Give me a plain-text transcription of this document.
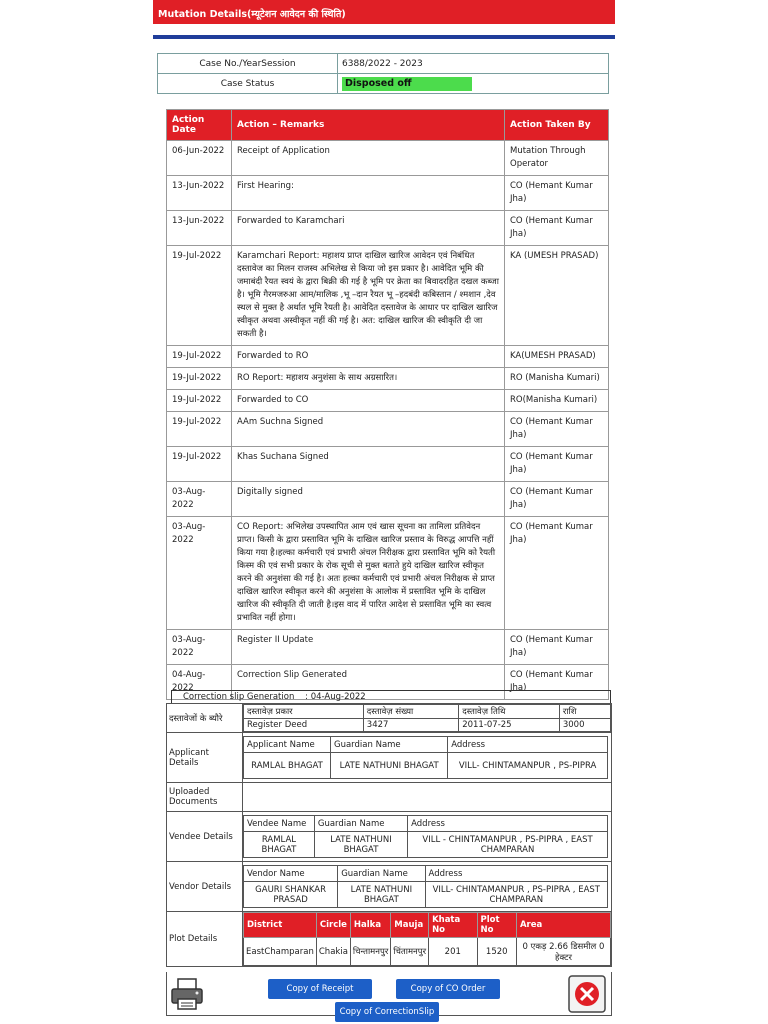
Mutation Details(म्यूटेशन आवेदन की स्थिति)
Case No./YearSession	6388/2022 - 2023
Case Status	Disposed off
Action Date	Action – Remarks	Action Taken By
06-Jun-2022	Receipt of Application	Mutation Through Operator
13-Jun-2022	First Hearing:	CO (Hemant Kumar Jha)
13-Jun-2022	Forwarded to Karamchari	CO (Hemant Kumar Jha)
19-Jul-2022	Karamchari Report: महाशय प्राप्त दाखिल खारिज आवेदन एवं निबंधित दस्तावेज का मिलन राजस्व अभिलेख से किया जो इस प्रकार है। आवेदित भूमि की जमाबंदी रैयत स्वयं के द्वारा बिक्री की गई है भूमि पर क्रेता का बिवादरहित दखल कब्जा है। भूमि गैरमजरुआ आम/मालिक ,भू –दान रैयत भू –हदबंदी कबिस्तान / श्मशान ,देव स्थल से मुक्त है अर्थात भूमि रैयती है। आवेदित दस्तावेज के आधार पर दाखिल खारिज स्वीकृत अथवा अस्वीकृत नहीं की गई है। अत: दाखिल खारिज की स्वीकृति दी जा सकती है।	KA (UMESH PRASAD)
19-Jul-2022	Forwarded to RO	KA(UMESH PRASAD)
19-Jul-2022	RO Report: महाशय अनुशंसा के साथ अग्रसारित।	RO (Manisha Kumari)
19-Jul-2022	Forwarded to CO	RO(Manisha Kumari)
19-Jul-2022	AAm Suchna Signed	CO (Hemant Kumar Jha)
19-Jul-2022	Khas Suchana Signed	CO (Hemant Kumar Jha)
03-Aug-2022	Digitally signed	CO (Hemant Kumar Jha)
03-Aug-2022	CO Report: अभिलेख उपस्थापित आम एवं खास सूचना का तामिला प्रतिवेदन प्राप्त। किसी के द्वारा प्रस्तावित भूमि के दाखिल खारिज प्रस्ताव के विरुद्ध आपत्ति नहीं किया गया है।हल्का कर्मचारी एवं प्रभारी अंचल निरीक्षक द्वारा प्रस्तावित भूमि को रैयती किस्म की एवं सभी प्रकार के रोक सूची से मुक्त बताते हुये दाखिल खारिज स्वीकृत करने की अनुशंसा की गई है। अतः हल्का कर्मचारी एवं प्रभारी अंचल निरीक्षक से प्राप्त दाखिल खारिज स्वीकृत करने की अनुशंसा के आलोक में प्रस्तावित भूमि के दाखिल खारिज की स्वीकृति दी जाती है।इस वाद में पारित आदेश से प्रस्तावित भूमि का स्वत्व प्रभावित नहीं होगा।	CO (Hemant Kumar Jha)
03-Aug-2022	Register II Update	CO (Hemant Kumar Jha)
04-Aug-2022	Correction Slip Generated	CO (Hemant Kumar Jha)
Correction slip Generation : 04-Aug-2022
दस्तावेजों के ब्यौरे	
दस्तावेज़ प्रकार	दस्तावेज़ संख्या	दस्तावेज़ तिथि	राशि
Register Deed	3427	2011-07-25	3000

Applicant Details	
Applicant Name	Guardian Name	Address
RAMLAL BHAGAT	LATE NATHUNI BHAGAT	VILL- CHINTAMANPUR , PS-PIPRA

Uploaded Documents	
Vendee Details	
Vendee Name	Guardian Name	Address
RAMLAL BHAGAT	LATE NATHUNI BHAGAT	VILL - CHINTAMANPUR , PS-PIPRA , EAST CHAMPARAN

Vendor Details	
Vendor Name	Guardian Name	Address
GAURI SHANKAR PRASAD	LATE NATHUNI BHAGAT	VILL- CHINTAMANPUR , PS-PIPRA , EAST CHAMPARAN

Plot Details	
District	Circle	Halka	Mauja	Khata No	Plot No	Area
EastChamparan	Chakia	चिन्तामनपुर	चिंतामनपुर	201	1520	0 एकड़ 2.66 डिसमील 0 हेक्टर
Copy of Receipt	Copy of CO Order
Copy of CorrectionSlip
